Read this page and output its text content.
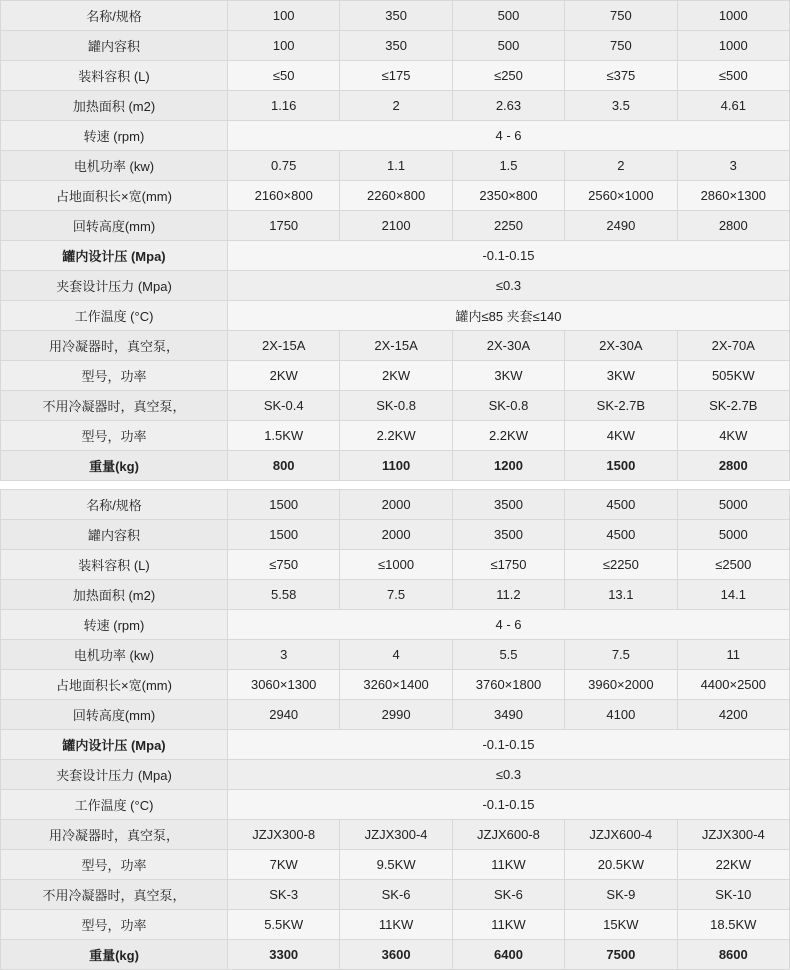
名称/规格	100	350	500	750	1000
罐内容积	100	350	500	750	1000
装料容积 (L)	≤50	≤175	≤250	≤375	≤500
加热面积 (m2)	1.16	2	2.63	3.5	4.61
转速 (rpm)	4 - 6				
电机功率 (kw)	0.75	1.1	1.5	2	3
占地面积长×宽(mm)	2160×800	2260×800	2350×800	2560×1000	2860×1300
回转高度(mm)	1750	2100	2250	2490	2800
罐内设计压 (Mpa)	-0.1-0.15				
夹套设计压力 (Mpa)	≤0.3				
工作温度 (°C)	罐内≤85 夹套≤140				
用冷凝器时，真空泵，	2X-15A	2X-15A	2X-30A	2X-30A	2X-70A
型号，功率	2KW	2KW	3KW	3KW	505KW
不用冷凝器时，真空泵，	SK-0.4	SK-0.8	SK-0.8	SK-2.7B	SK-2.7B
型号，功率	1.5KW	2.2KW	2.2KW	4KW	4KW
重量(kg)	800	1100	1200	1500	2800
名称/规格	1500	2000	3500	4500	5000
罐内容积	1500	2000	3500	4500	5000
装料容积 (L)	≤750	≤1000	≤1750	≤2250	≤2500
加热面积 (m2)	5.58	7.5	11.2	13.1	14.1
转速 (rpm)	4 - 6				
电机功率 (kw)	3	4	5.5	7.5	11
占地面积长×宽(mm)	3060×1300	3260×1400	3760×1800	3960×2000	4400×2500
回转高度(mm)	2940	2990	3490	4100	4200
罐内设计压 (Mpa)	-0.1-0.15				
夹套设计压力 (Mpa)	≤0.3				
工作温度 (°C)	-0.1-0.15				
用冷凝器时，真空泵，	JZJX300-8	JZJX300-4	JZJX600-8	JZJX600-4	JZJX300-4
型号，功率	7KW	9.5KW	11KW	20.5KW	22KW
不用冷凝器时，真空泵，	SK-3	SK-6	SK-6	SK-9	SK-10
型号，功率	5.5KW	11KW	11KW	15KW	18.5KW
重量(kg)	3300	3600	6400	7500	8600
